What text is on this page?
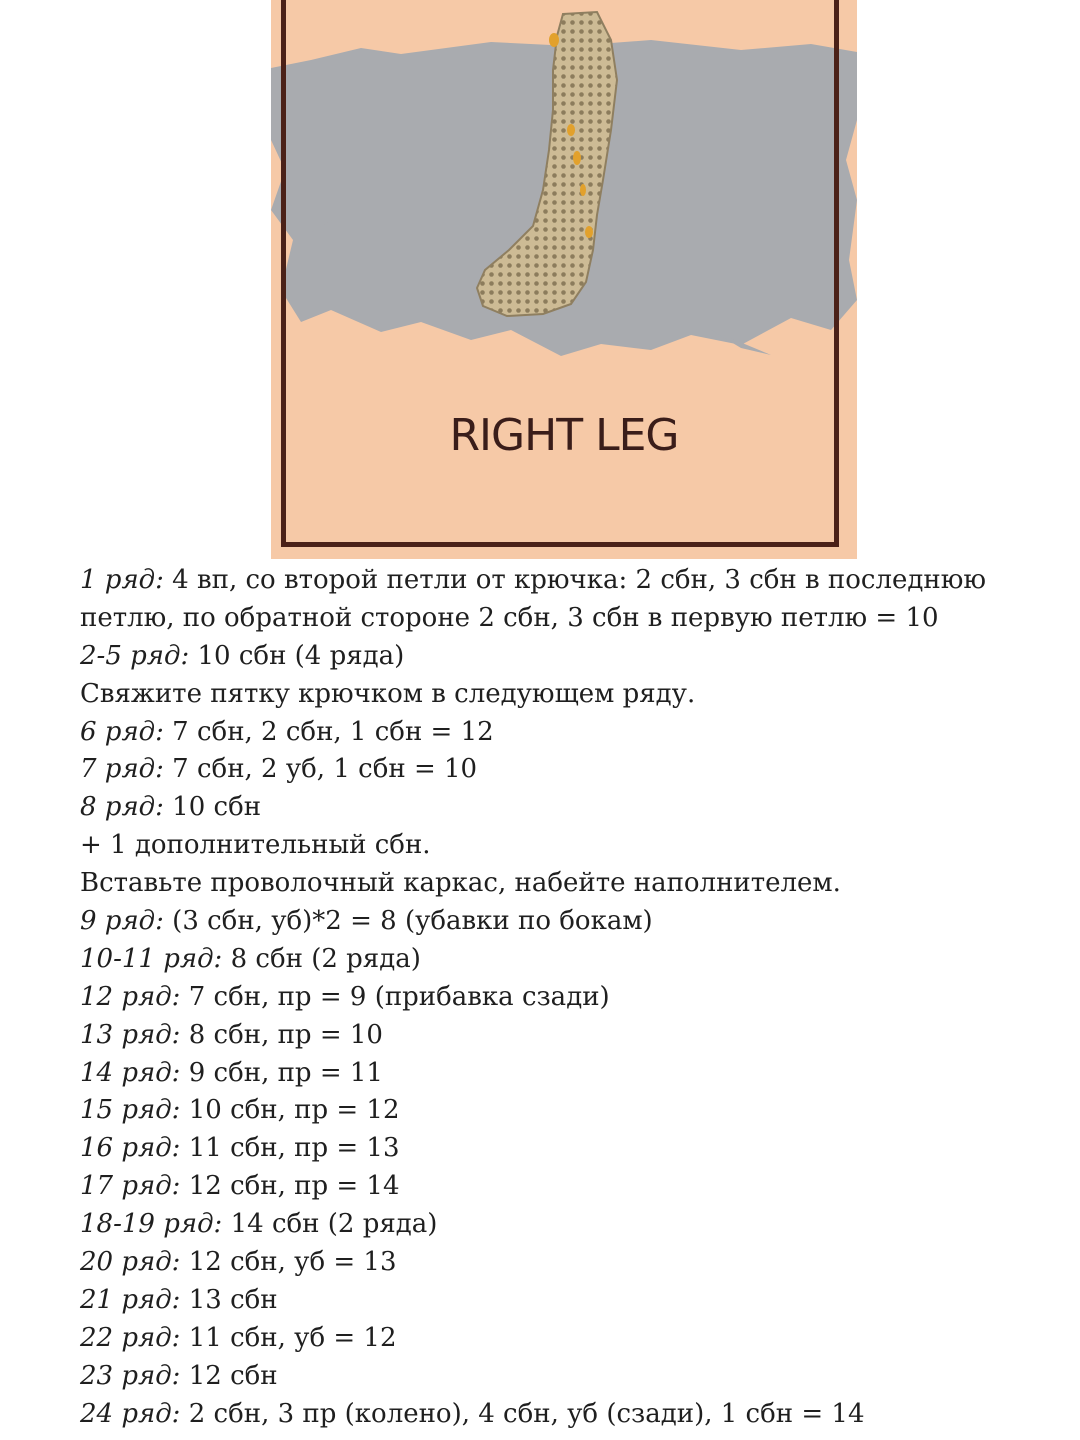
RIGHT LEG
1 ряд: 4 вп, со второй петли от крючка: 2 сбн, 3 сбн в последнюю
петлю, по обратной стороне 2 сбн, 3 сбн в первую петлю = 10
2-5 ряд: 10 сбн (4 ряда)
Свяжите пятку крючком в следующем ряду.
6 ряд: 7 сбн, 2 сбн, 1 сбн = 12
7 ряд: 7 сбн, 2 уб, 1 сбн = 10
8 ряд: 10 сбн
+ 1 дополнительный сбн.
Вставьте проволочный каркас, набейте наполнителем.
9 ряд: (3 сбн, уб)*2 = 8 (убавки по бокам)
10-11 ряд: 8 сбн (2 ряда)
12 ряд: 7 сбн, пр = 9 (прибавка сзади)
13 ряд: 8 сбн, пр = 10
14 ряд: 9 сбн, пр = 11
15 ряд: 10 сбн, пр = 12
16 ряд: 11 сбн, пр = 13
17 ряд: 12 сбн, пр = 14
18-19 ряд: 14 сбн (2 ряда)
20 ряд: 12 сбн, уб = 13
21 ряд: 13 сбн
22 ряд: 11 сбн, уб = 12
23 ряд: 12 сбн
24 ряд: 2 сбн, 3 пр (колено), 4 сбн, уб (сзади), 1 сбн = 14
